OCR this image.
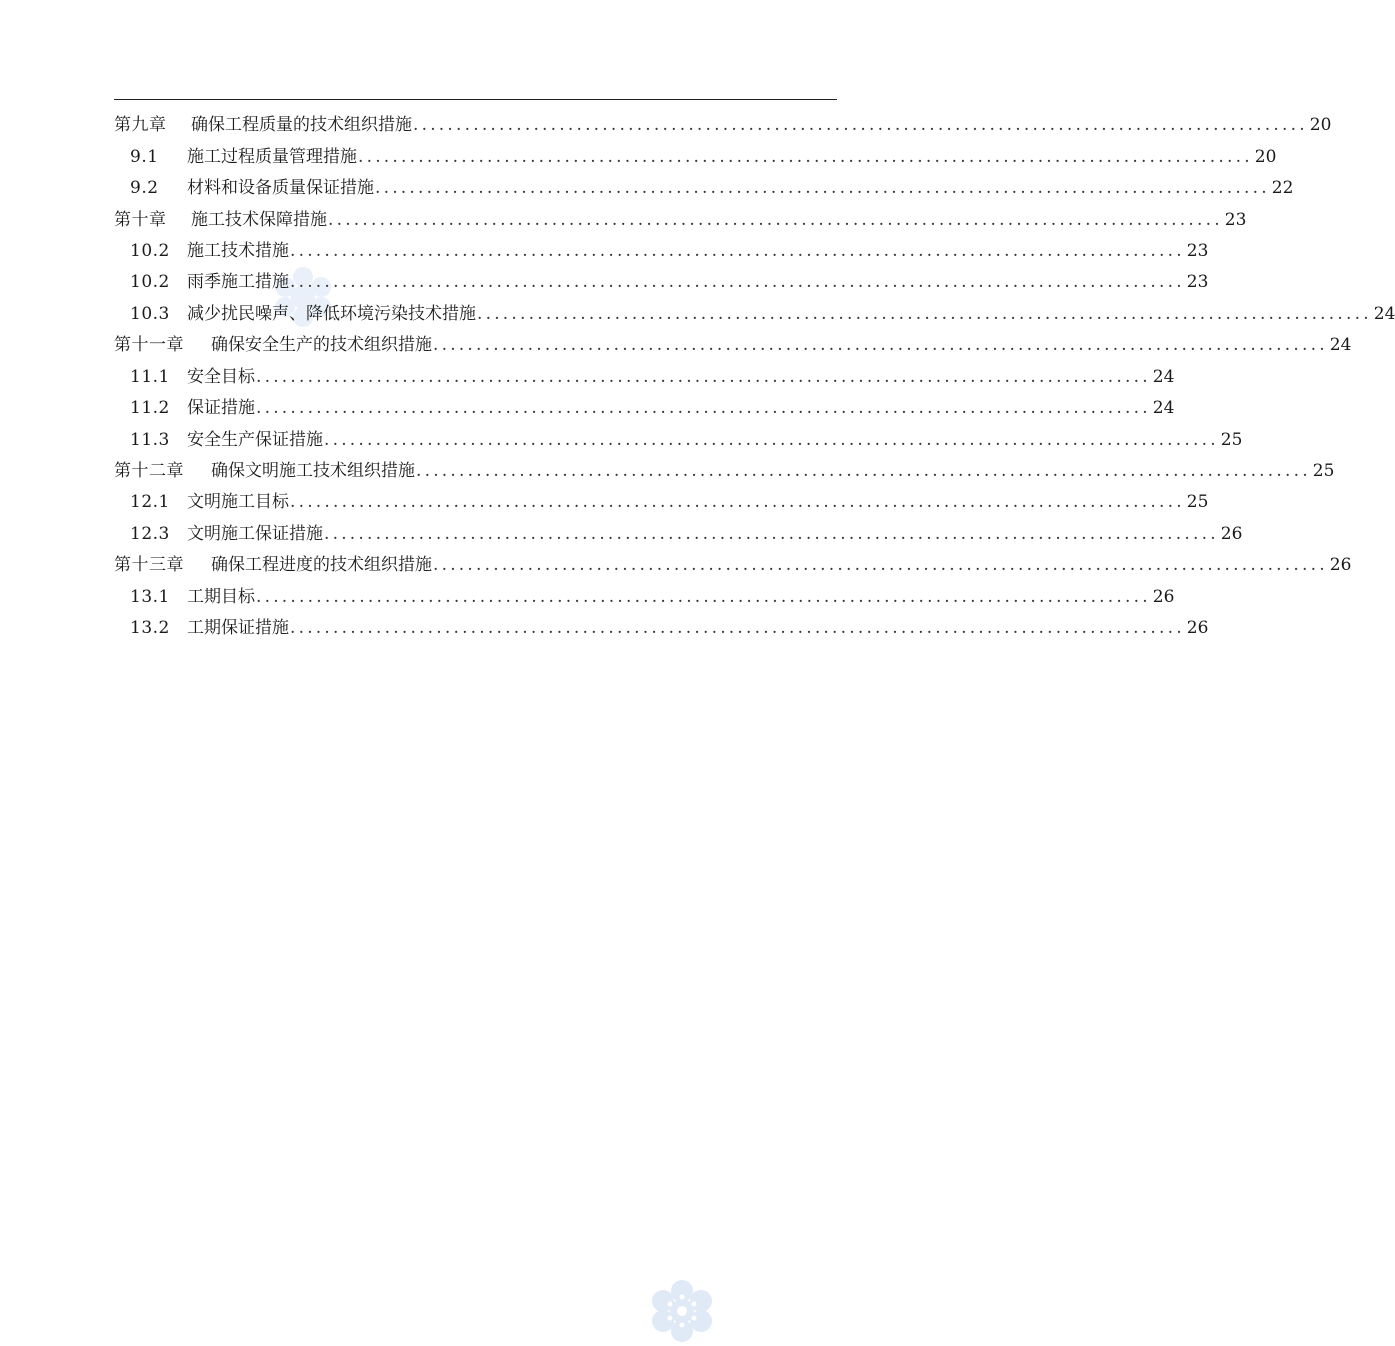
第九章	确保工程质量的技术组织措施 ........................................................................................................ 20
9.1	施工过程质量管理措施 ........................................................................................................ 20
9.2	材料和设备质量保证措施 ........................................................................................................ 22
第十章	施工技术保障措施 ........................................................................................................ 23
10.2	施工技术措施 ........................................................................................................ 23
10.2	雨季施工措施 ........................................................................................................ 23
10.3	减少扰民噪声、降低环境污染技术措施 ........................................................................................................ 24
第十一章	确保安全生产的技术组织措施 ........................................................................................................ 24
11.1	安全目标 ........................................................................................................ 24
11.2	保证措施 ........................................................................................................ 24
11.3	安全生产保证措施 ........................................................................................................ 25
第十二章	确保文明施工技术组织措施 ........................................................................................................ 25
12.1	文明施工目标 ........................................................................................................ 25
12.3	文明施工保证措施 ........................................................................................................ 26
第十三章	确保工程进度的技术组织措施 ........................................................................................................ 26
13.1	工期目标 ........................................................................................................ 26
13.2	工期保证措施 ........................................................................................................ 26
